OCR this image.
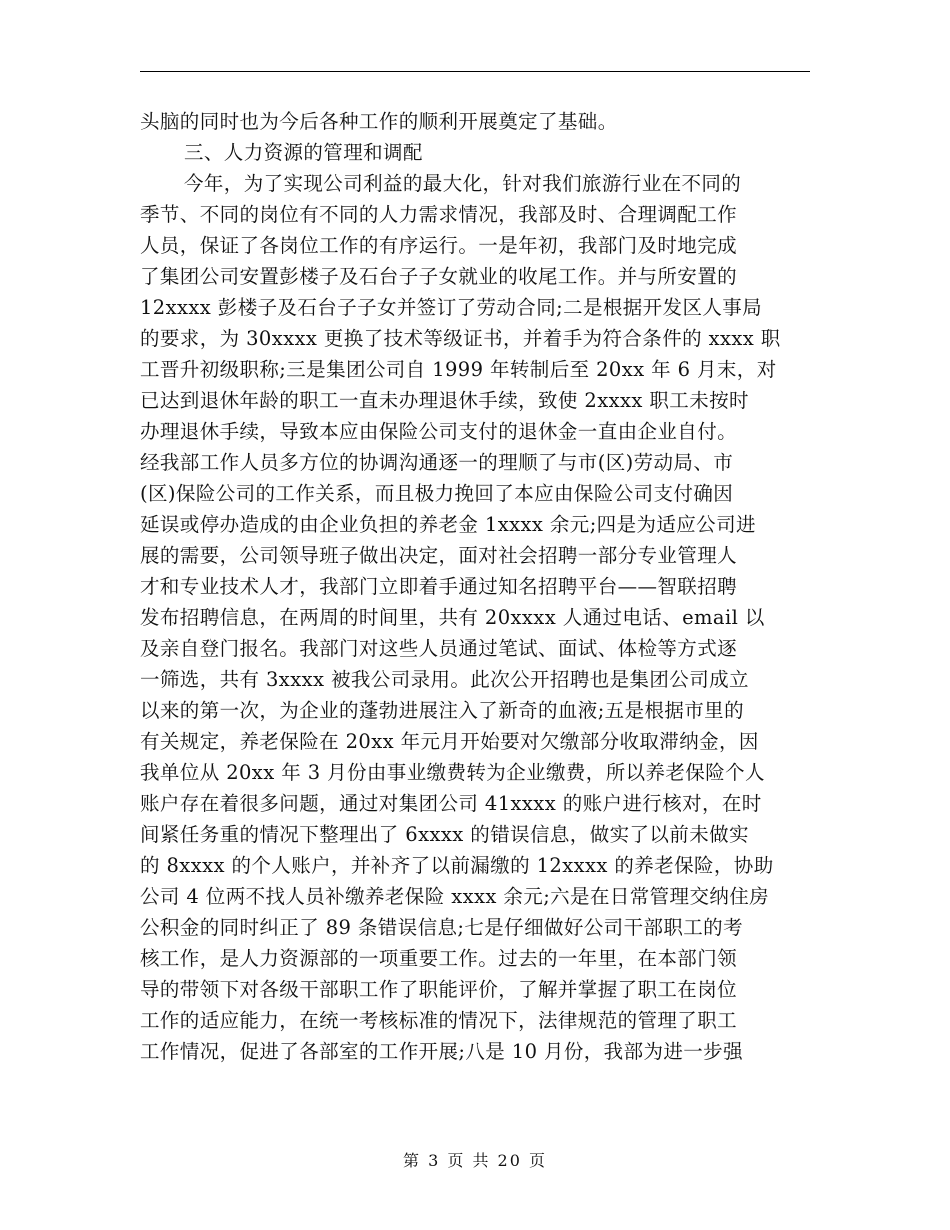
头脑的同时也为今后各种工作的顺利开展奠定了基础。
三、人力资源的管理和调配
今年，为了实现公司利益的最大化，针对我们旅游行业在不同的
季节、不同的岗位有不同的人力需求情况，我部及时、合理调配工作
人员，保证了各岗位工作的有序运行。一是年初，我部门及时地完成
了集团公司安置彭楼子及石台子子女就业的收尾工作。并与所安置的
12xxxx 彭楼子及石台子子女并签订了劳动合同;二是根据开发区人事局
的要求，为 30xxxx 更换了技术等级证书，并着手为符合条件的 xxxx 职
工晋升初级职称;三是集团公司自 1999 年转制后至 20xx 年 6 月末，对
已达到退休年龄的职工一直未办理退休手续，致使 2xxxx 职工未按时
办理退休手续，导致本应由保险公司支付的退休金一直由企业自付。
经我部工作人员多方位的协调沟通逐一的理顺了与市(区)劳动局、市
(区)保险公司的工作关系，而且极力挽回了本应由保险公司支付确因
延误或停办造成的由企业负担的养老金 1xxxx 余元;四是为适应公司进
展的需要，公司领导班子做出决定，面对社会招聘一部分专业管理人
才和专业技术人才，我部门立即着手通过知名招聘平台——智联招聘
发布招聘信息，在两周的时间里，共有 20xxxx 人通过电话、email 以
及亲自登门报名。我部门对这些人员通过笔试、面试、体检等方式逐
一筛选，共有 3xxxx 被我公司录用。此次公开招聘也是集团公司成立
以来的第一次，为企业的蓬勃进展注入了新奇的血液;五是根据市里的
有关规定，养老保险在 20xx 年元月开始要对欠缴部分收取滞纳金，因
我单位从 20xx 年 3 月份由事业缴费转为企业缴费，所以养老保险个人
账户存在着很多问题，通过对集团公司 41xxxx 的账户进行核对，在时
间紧任务重的情况下整理出了 6xxxx 的错误信息，做实了以前未做实
的 8xxxx 的个人账户，并补齐了以前漏缴的 12xxxx 的养老保险，协助
公司 4 位两不找人员补缴养老保险 xxxx 余元;六是在日常管理交纳住房
公积金的同时纠正了 89 条错误信息;七是仔细做好公司干部职工的考
核工作，是人力资源部的一项重要工作。过去的一年里，在本部门领
导的带领下对各级干部职工作了职能评价，了解并掌握了职工在岗位
工作的适应能力，在统一考核标准的情况下，法律规范的管理了职工
工作情况，促进了各部室的工作开展;八是 10 月份，我部为进一步强
第 3 页 共 20 页
